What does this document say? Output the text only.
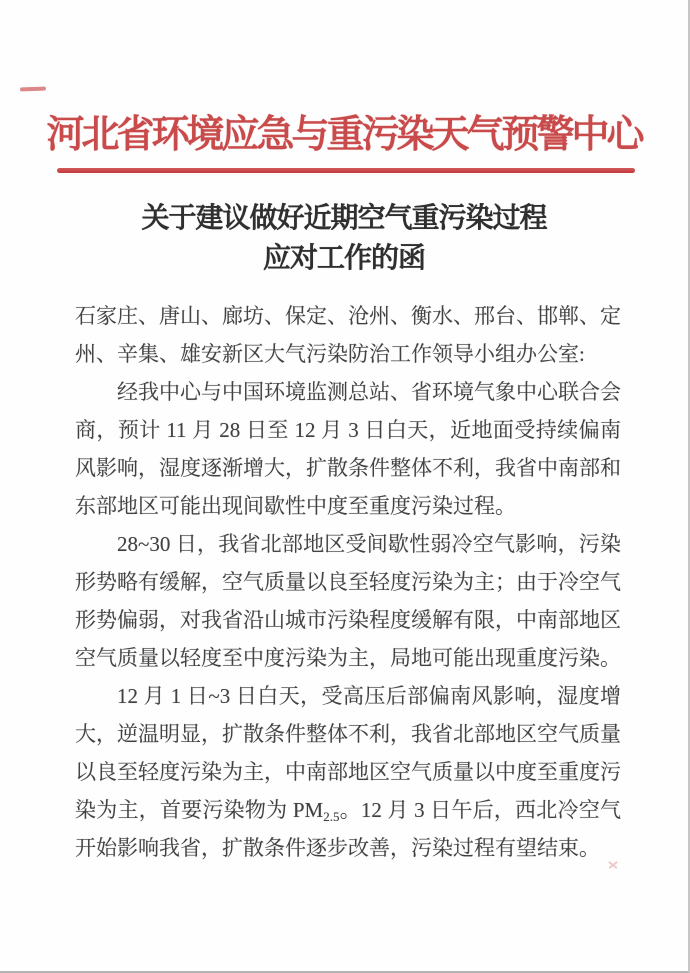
河北省环境应急与重污染天气预警中心
关于建议做好近期空气重污染过程
应对工作的函

石家庄、唐山、廊坊、保定、沧州、衡水、邢台、邯郸、定州、辛集、雄安新区大气污染防治工作领导小组办公室:

经我中心与中国环境监测总站、省环境气象中心联合会商，预计 11 月 28 日至 12 月 3 日白天，近地面受持续偏南风影响，湿度逐渐增大，扩散条件整体不利，我省中南部和东部地区可能出现间歇性中度至重度污染过程。

28~30 日，我省北部地区受间歇性弱冷空气影响，污染形势略有缓解，空气质量以良至轻度污染为主；由于冷空气形势偏弱，对我省沿山城市污染程度缓解有限，中南部地区空气质量以轻度至中度污染为主，局地可能出现重度污染。

12 月 1 日~3 日白天，受高压后部偏南风影响，湿度增大，逆温明显，扩散条件整体不利，我省北部地区空气质量以良至轻度污染为主，中南部地区空气质量以中度至重度污染为主，首要污染物为 $PM_{2.5}$。12 月 3 日午后，西北冷空气开始影响我省，扩散条件逐步改善，污染过程有望结束。
